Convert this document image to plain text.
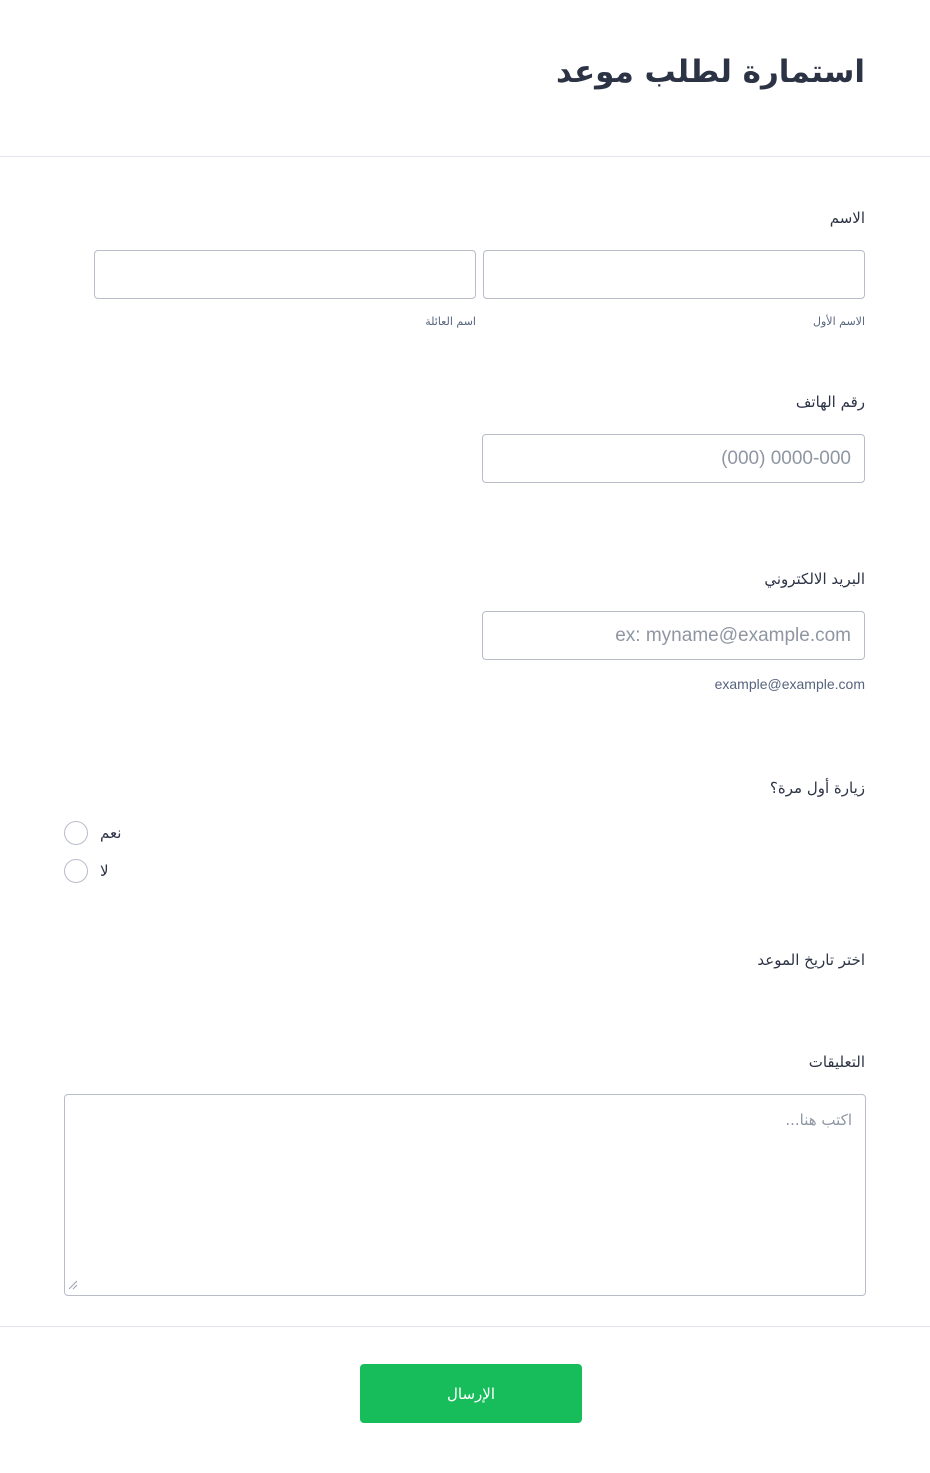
استمارة لطلب موعد
الاسم
الاسم الأول
اسم العائلة
رقم الهاتف
(000) 0000-000
البريد الالكتروني
ex: myname@example.com
example@example.com
زيارة أول مرة؟
نعم
لا
اختر تاريخ الموعد
التعليقات
اكتب هنا...
الإرسال
